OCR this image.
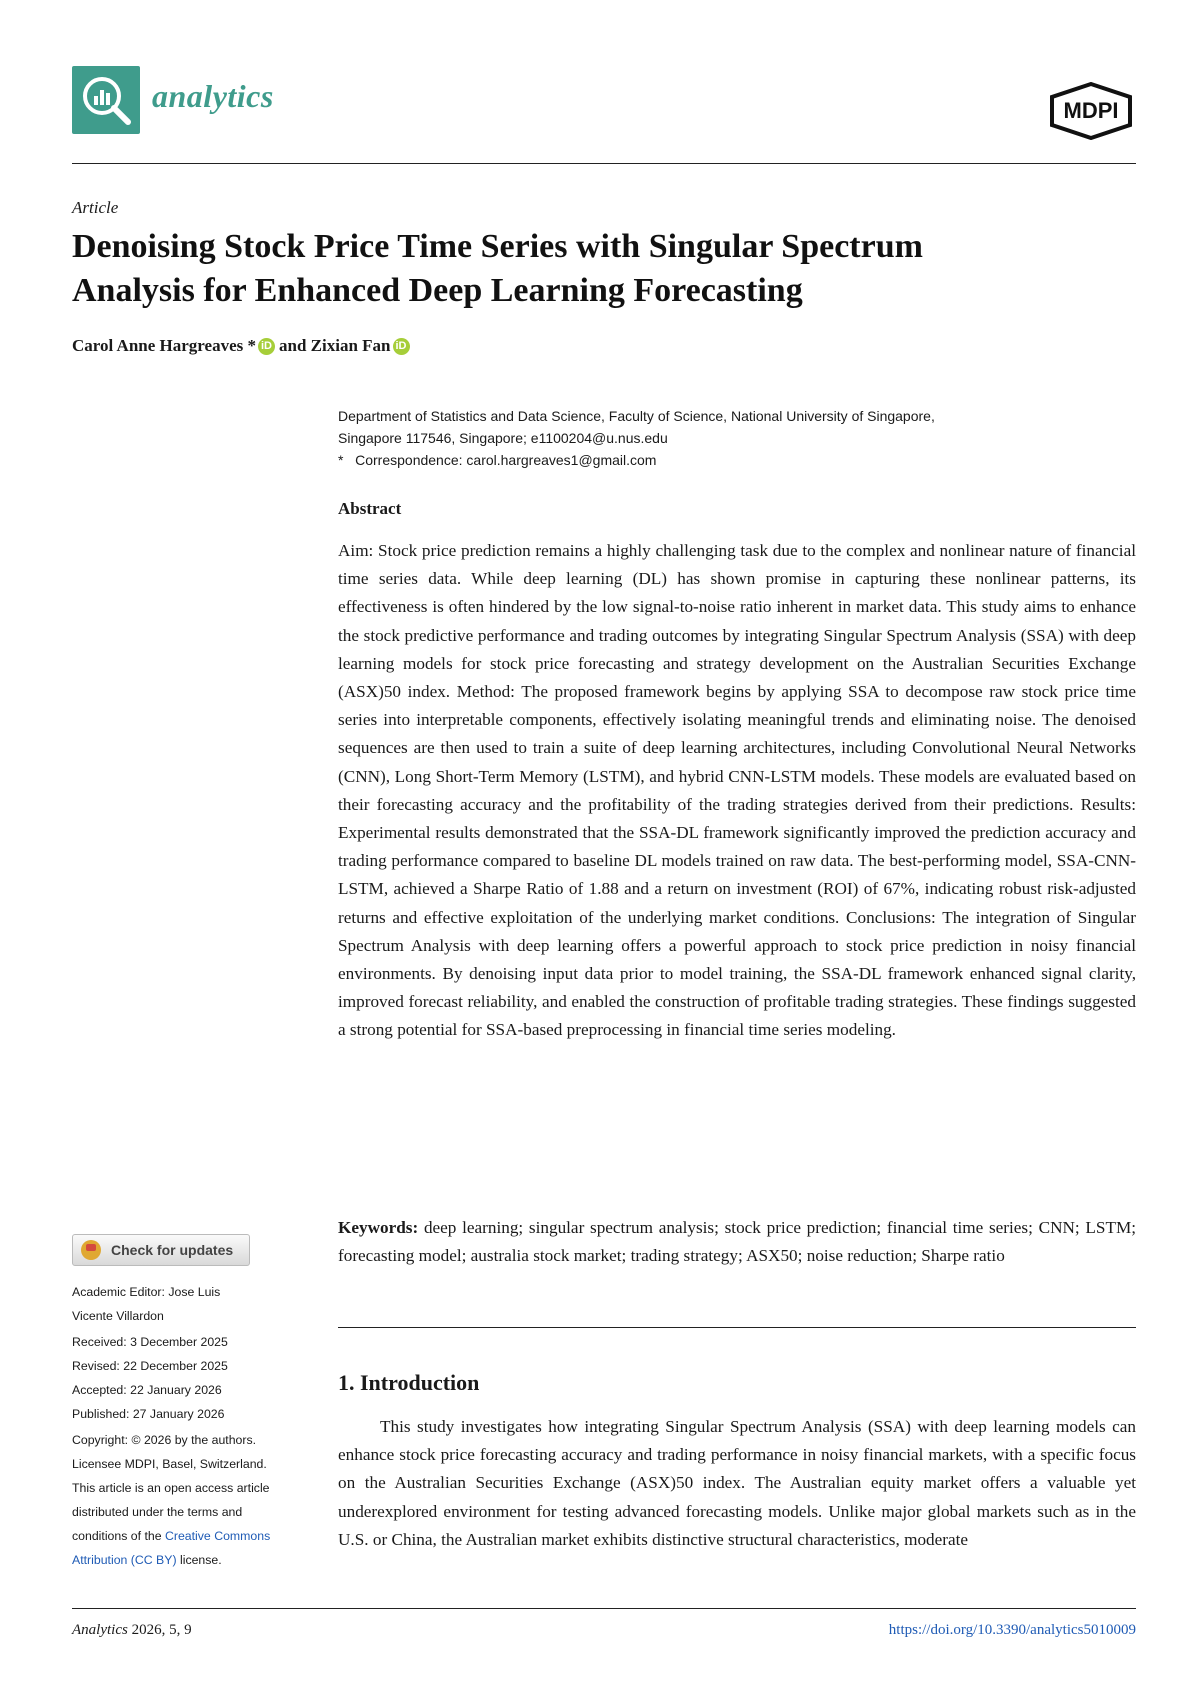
analytics	MDPI
Article
Denoising Stock Price Time Series with Singular Spectrum
Analysis for Enhanced Deep Learning Forecasting
Carol Anne Hargreaves * iD and Zixian Fan iD
Department of Statistics and Data Science, Faculty of Science, National University of Singapore,
Singapore 117546, Singapore; e1100204@u.nus.edu
*   Correspondence: carol.hargreaves1@gmail.com
Abstract
Aim: Stock price prediction remains a highly challenging task due to the complex and nonlinear nature of financial time series data. While deep learning (DL) has shown promise in capturing these nonlinear patterns, its effectiveness is often hindered by the low signal-to-noise ratio inherent in market data. This study aims to enhance the stock predictive performance and trading outcomes by integrating Singular Spectrum Analysis (SSA) with deep learning models for stock price forecasting and strategy development on the Australian Securities Exchange (ASX)50 index. Method: The proposed framework begins by applying SSA to decompose raw stock price time series into interpretable components, effectively isolating meaningful trends and eliminating noise. The denoised sequences are then used to train a suite of deep learning architectures, including Convolutional Neural Networks (CNN), Long Short-Term Memory (LSTM), and hybrid CNN-LSTM models. These models are evaluated based on their forecasting accuracy and the profitability of the trading strategies derived from their predictions. Results: Experimental results demonstrated that the SSA-DL framework significantly improved the prediction accuracy and trading performance compared to baseline DL models trained on raw data. The best-performing model, SSA-CNN-LSTM, achieved a Sharpe Ratio of 1.88 and a return on investment (ROI) of 67%, indicating robust risk-adjusted returns and effective exploitation of the underlying market conditions. Conclusions: The integration of Singular Spectrum Analysis with deep learning offers a powerful approach to stock price prediction in noisy financial environments. By denoising input data prior to model training, the SSA-DL framework enhanced signal clarity, improved forecast reliability, and enabled the construction of profitable trading strategies. These findings suggested a strong potential for SSA-based preprocessing in financial time series modeling.
Keywords: deep learning; singular spectrum analysis; stock price prediction; financial time series; CNN; LSTM; forecasting model; australia stock market; trading strategy; ASX50; noise reduction; Sharpe ratio
1. Introduction
This study investigates how integrating Singular Spectrum Analysis (SSA) with deep learning models can enhance stock price forecasting accuracy and trading performance in noisy financial markets, with a specific focus on the Australian Securities Exchange (ASX)50 index. The Australian equity market offers a valuable yet underexplored environment for testing advanced forecasting models. Unlike major global markets such as in the U.S. or China, the Australian market exhibits distinctive structural characteristics, moderate
Check for updates
Academic Editor: Jose Luis
Vicente Villardon
Received: 3 December 2025
Revised: 22 December 2025
Accepted: 22 January 2026
Published: 27 January 2026
Copyright: © 2026 by the authors.
Licensee MDPI, Basel, Switzerland.
This article is an open access article
distributed under the terms and
conditions of the Creative Commons
Attribution (CC BY) license.
Analytics 2026, 5, 9	https://doi.org/10.3390/analytics5010009
